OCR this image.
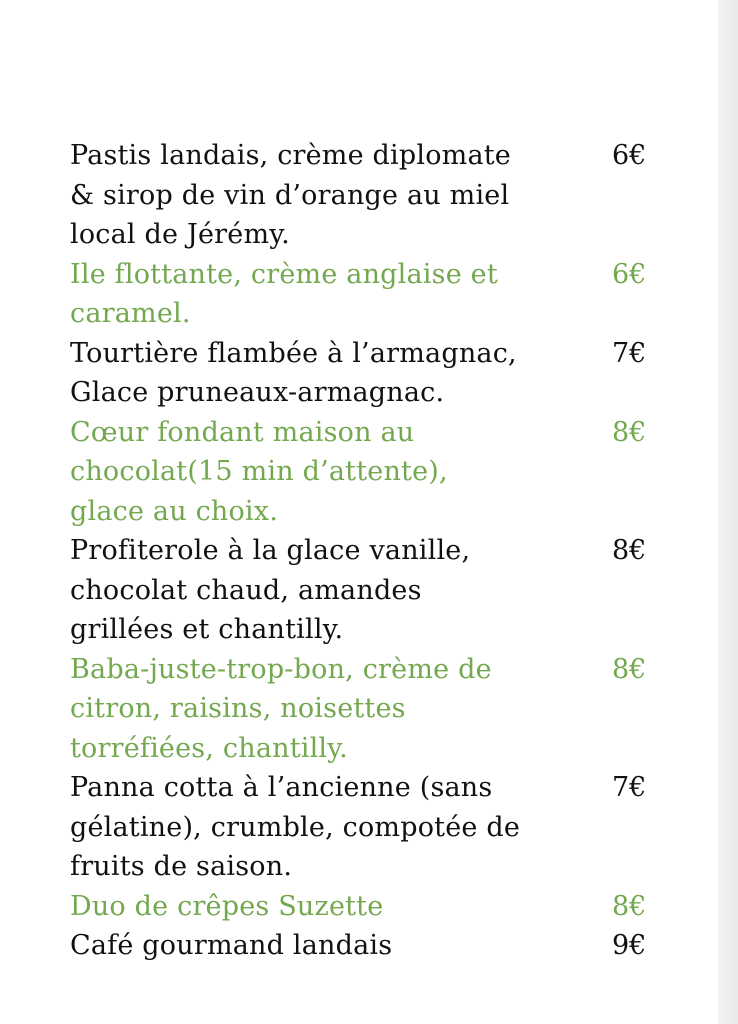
Pastis landais, crème diplomate
& sirop de vin d’orange au miel
local de Jérémy.
6€
Ile flottante, crème anglaise et
caramel.
6€
Tourtière flambée à l’armagnac,
Glace pruneaux-armagnac.
7€
Cœur fondant maison au
chocolat(15 min d’attente),
glace au choix.
8€
Profiterole à la glace vanille,
chocolat chaud, amandes
grillées et chantilly.
8€
Baba-juste-trop-bon, crème de
citron, raisins, noisettes
torréfiées, chantilly.
8€
Panna cotta à l’ancienne (sans
gélatine), crumble, compotée de
fruits de saison.
7€
Duo de crêpes Suzette	8€
Café gourmand landais	9€
